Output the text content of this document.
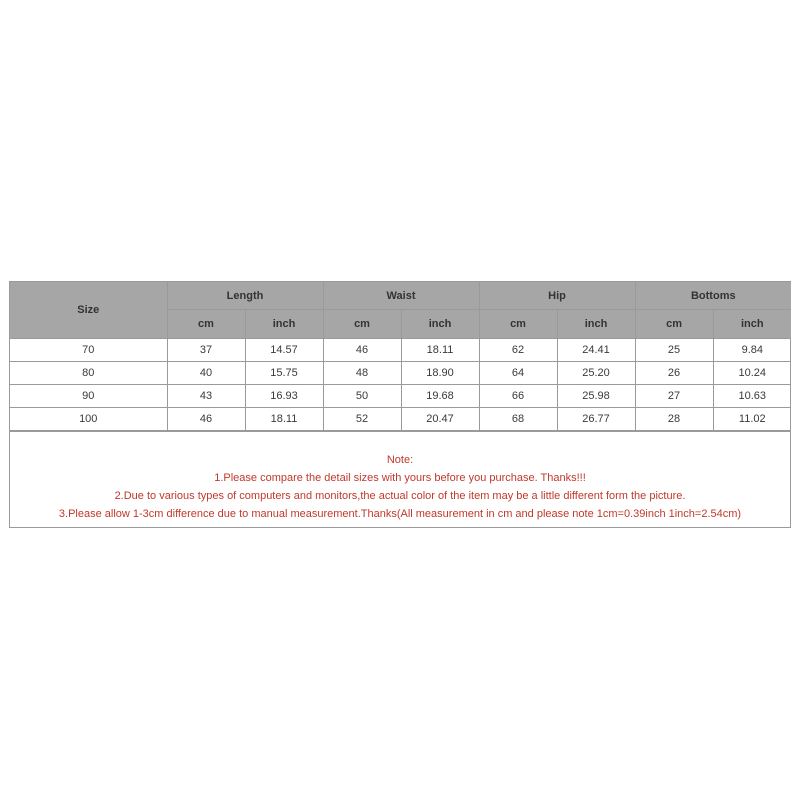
Size	Length		Waist		Hip		Bottoms	
	cm	inch	cm	inch	cm	inch	cm	inch
70	37	14.57	46	18.11	62	24.41	25	9.84
80	40	15.75	48	18.90	64	25.20	26	10.24
90	43	16.93	50	19.68	66	25.98	27	10.63
100	46	18.11	52	20.47	68	26.77	28	11.02

Note:

1.Please compare the detail sizes with yours before you purchase. Thanks!!!

2.Due to various types of computers and monitors,the actual color of the item may be a little different form the picture.

3.Please allow 1-3cm difference due to manual measurement.Thanks(All measurement in cm and please note 1cm=0.39inch 1inch=2.54cm)
